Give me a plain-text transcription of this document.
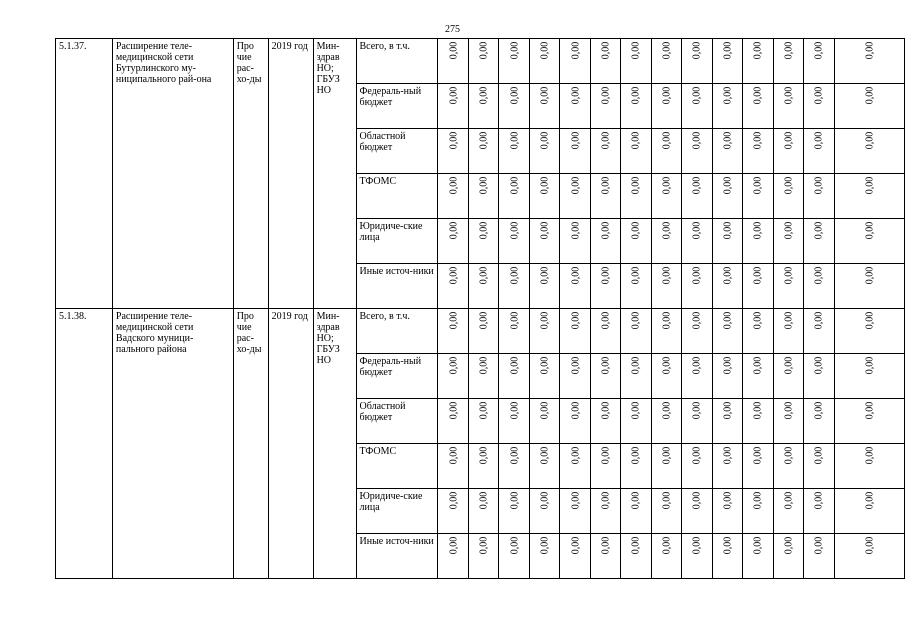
275
5.1.37.	Расширение теле-медицинской сети Бутурлинского му-ниципального рай-она	Про чие рас-хо-ды	2019 год	Мин-здрав НО; ГБУЗ НО	Всего, в т.ч.	0,00	0,00	0,00	0,00	0,00	0,00	0,00	0,00	0,00	0,00	0,00	0,00	0,00	0,00
					Федераль-ный бюджет	0,00	0,00	0,00	0,00	0,00	0,00	0,00	0,00	0,00	0,00	0,00	0,00	0,00	0,00
					Областной бюджет	0,00	0,00	0,00	0,00	0,00	0,00	0,00	0,00	0,00	0,00	0,00	0,00	0,00	0,00
					ТФОМС	0,00	0,00	0,00	0,00	0,00	0,00	0,00	0,00	0,00	0,00	0,00	0,00	0,00	0,00
					Юридиче-ские лица	0,00	0,00	0,00	0,00	0,00	0,00	0,00	0,00	0,00	0,00	0,00	0,00	0,00	0,00
					Иные источ-ники	0,00	0,00	0,00	0,00	0,00	0,00	0,00	0,00	0,00	0,00	0,00	0,00	0,00	0,00
5.1.38.	Расширение теле-медицинской сети Вадского муници-пального района	Про чие рас-хо-ды	2019 год	Мин-здрав НО; ГБУЗ НО	Всего, в т.ч.	0,00	0,00	0,00	0,00	0,00	0,00	0,00	0,00	0,00	0,00	0,00	0,00	0,00	0,00
					Федераль-ный бюджет	0,00	0,00	0,00	0,00	0,00	0,00	0,00	0,00	0,00	0,00	0,00	0,00	0,00	0,00
					Областной бюджет	0,00	0,00	0,00	0,00	0,00	0,00	0,00	0,00	0,00	0,00	0,00	0,00	0,00	0,00
					ТФОМС	0,00	0,00	0,00	0,00	0,00	0,00	0,00	0,00	0,00	0,00	0,00	0,00	0,00	0,00
					Юридиче-ские лица	0,00	0,00	0,00	0,00	0,00	0,00	0,00	0,00	0,00	0,00	0,00	0,00	0,00	0,00
					Иные источ-ники	0,00	0,00	0,00	0,00	0,00	0,00	0,00	0,00	0,00	0,00	0,00	0,00	0,00	0,00
